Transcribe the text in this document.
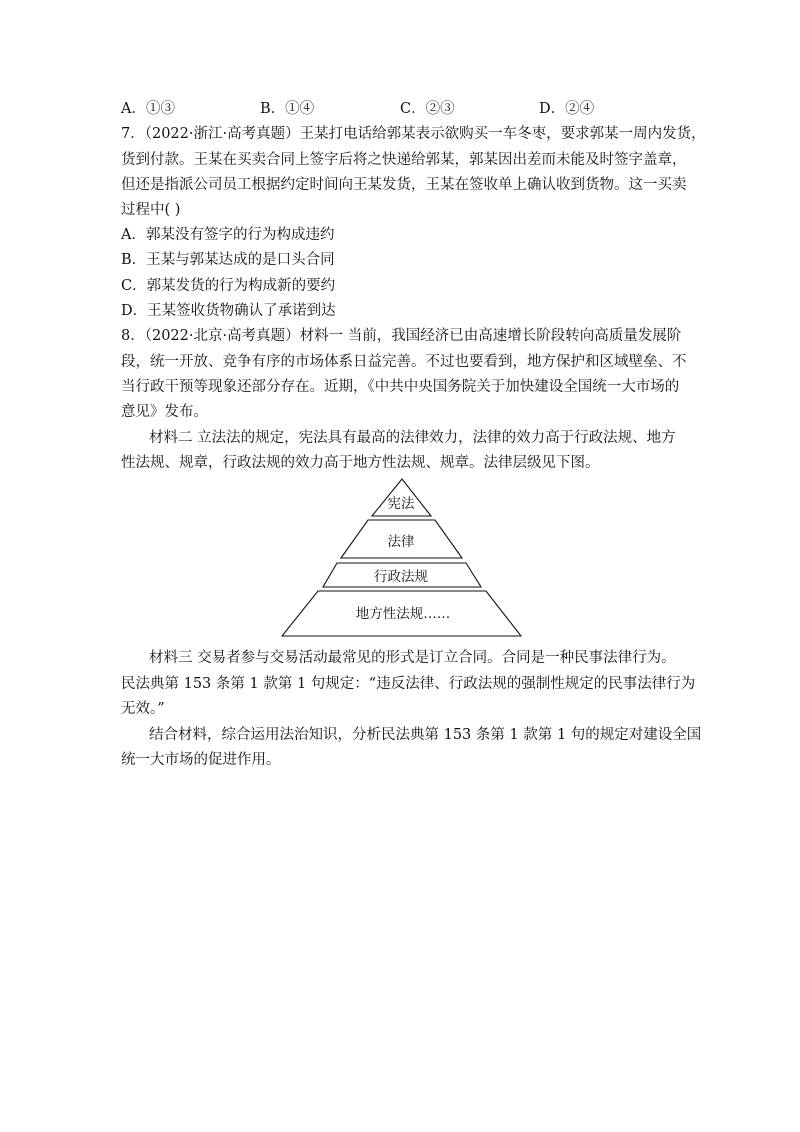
A．①③	B．①④	C．②③	D．②④
7．（2022·浙江·高考真题）王某打电话给郭某表示欲购买一车冬枣，要求郭某一周内发货，
货到付款。王某在买卖合同上签字后将之快递给郭某，郭某因出差而未能及时签字盖章，
但还是指派公司员工根据约定时间向王某发货，王某在签收单上确认收到货物。这一买卖
过程中( )
A．郭某没有签字的行为构成违约
B．王某与郭某达成的是口头合同
C．郭某发货的行为构成新的要约
D．王某签收货物确认了承诺到达
8．（2022·北京·高考真题）材料一 当前，我国经济已由高速增长阶段转向高质量发展阶
段，统一开放、竞争有序的市场体系日益完善。不过也要看到，地方保护和区域壁垒、不
当行政干预等现象还部分存在。近期，《中共中央国务院关于加快建设全国统一大市场的
意见》发布。
材料二 立法法的规定，宪法具有最高的法律效力，法律的效力高于行政法规、地方
性法规、规章，行政法规的效力高于地方性法规、规章。法律层级见下图。
宪法
法律
行政法规
地方性法规……
材料三 交易者参与交易活动最常见的形式是订立合同。合同是一种民事法律行为。
民法典第 153 条第 1 款第 1 句规定：“违反法律、行政法规的强制性规定的民事法律行为
无效。”
结合材料，综合运用法治知识，分析民法典第 153 条第 1 款第 1 句的规定对建设全国
统一大市场的促进作用。
